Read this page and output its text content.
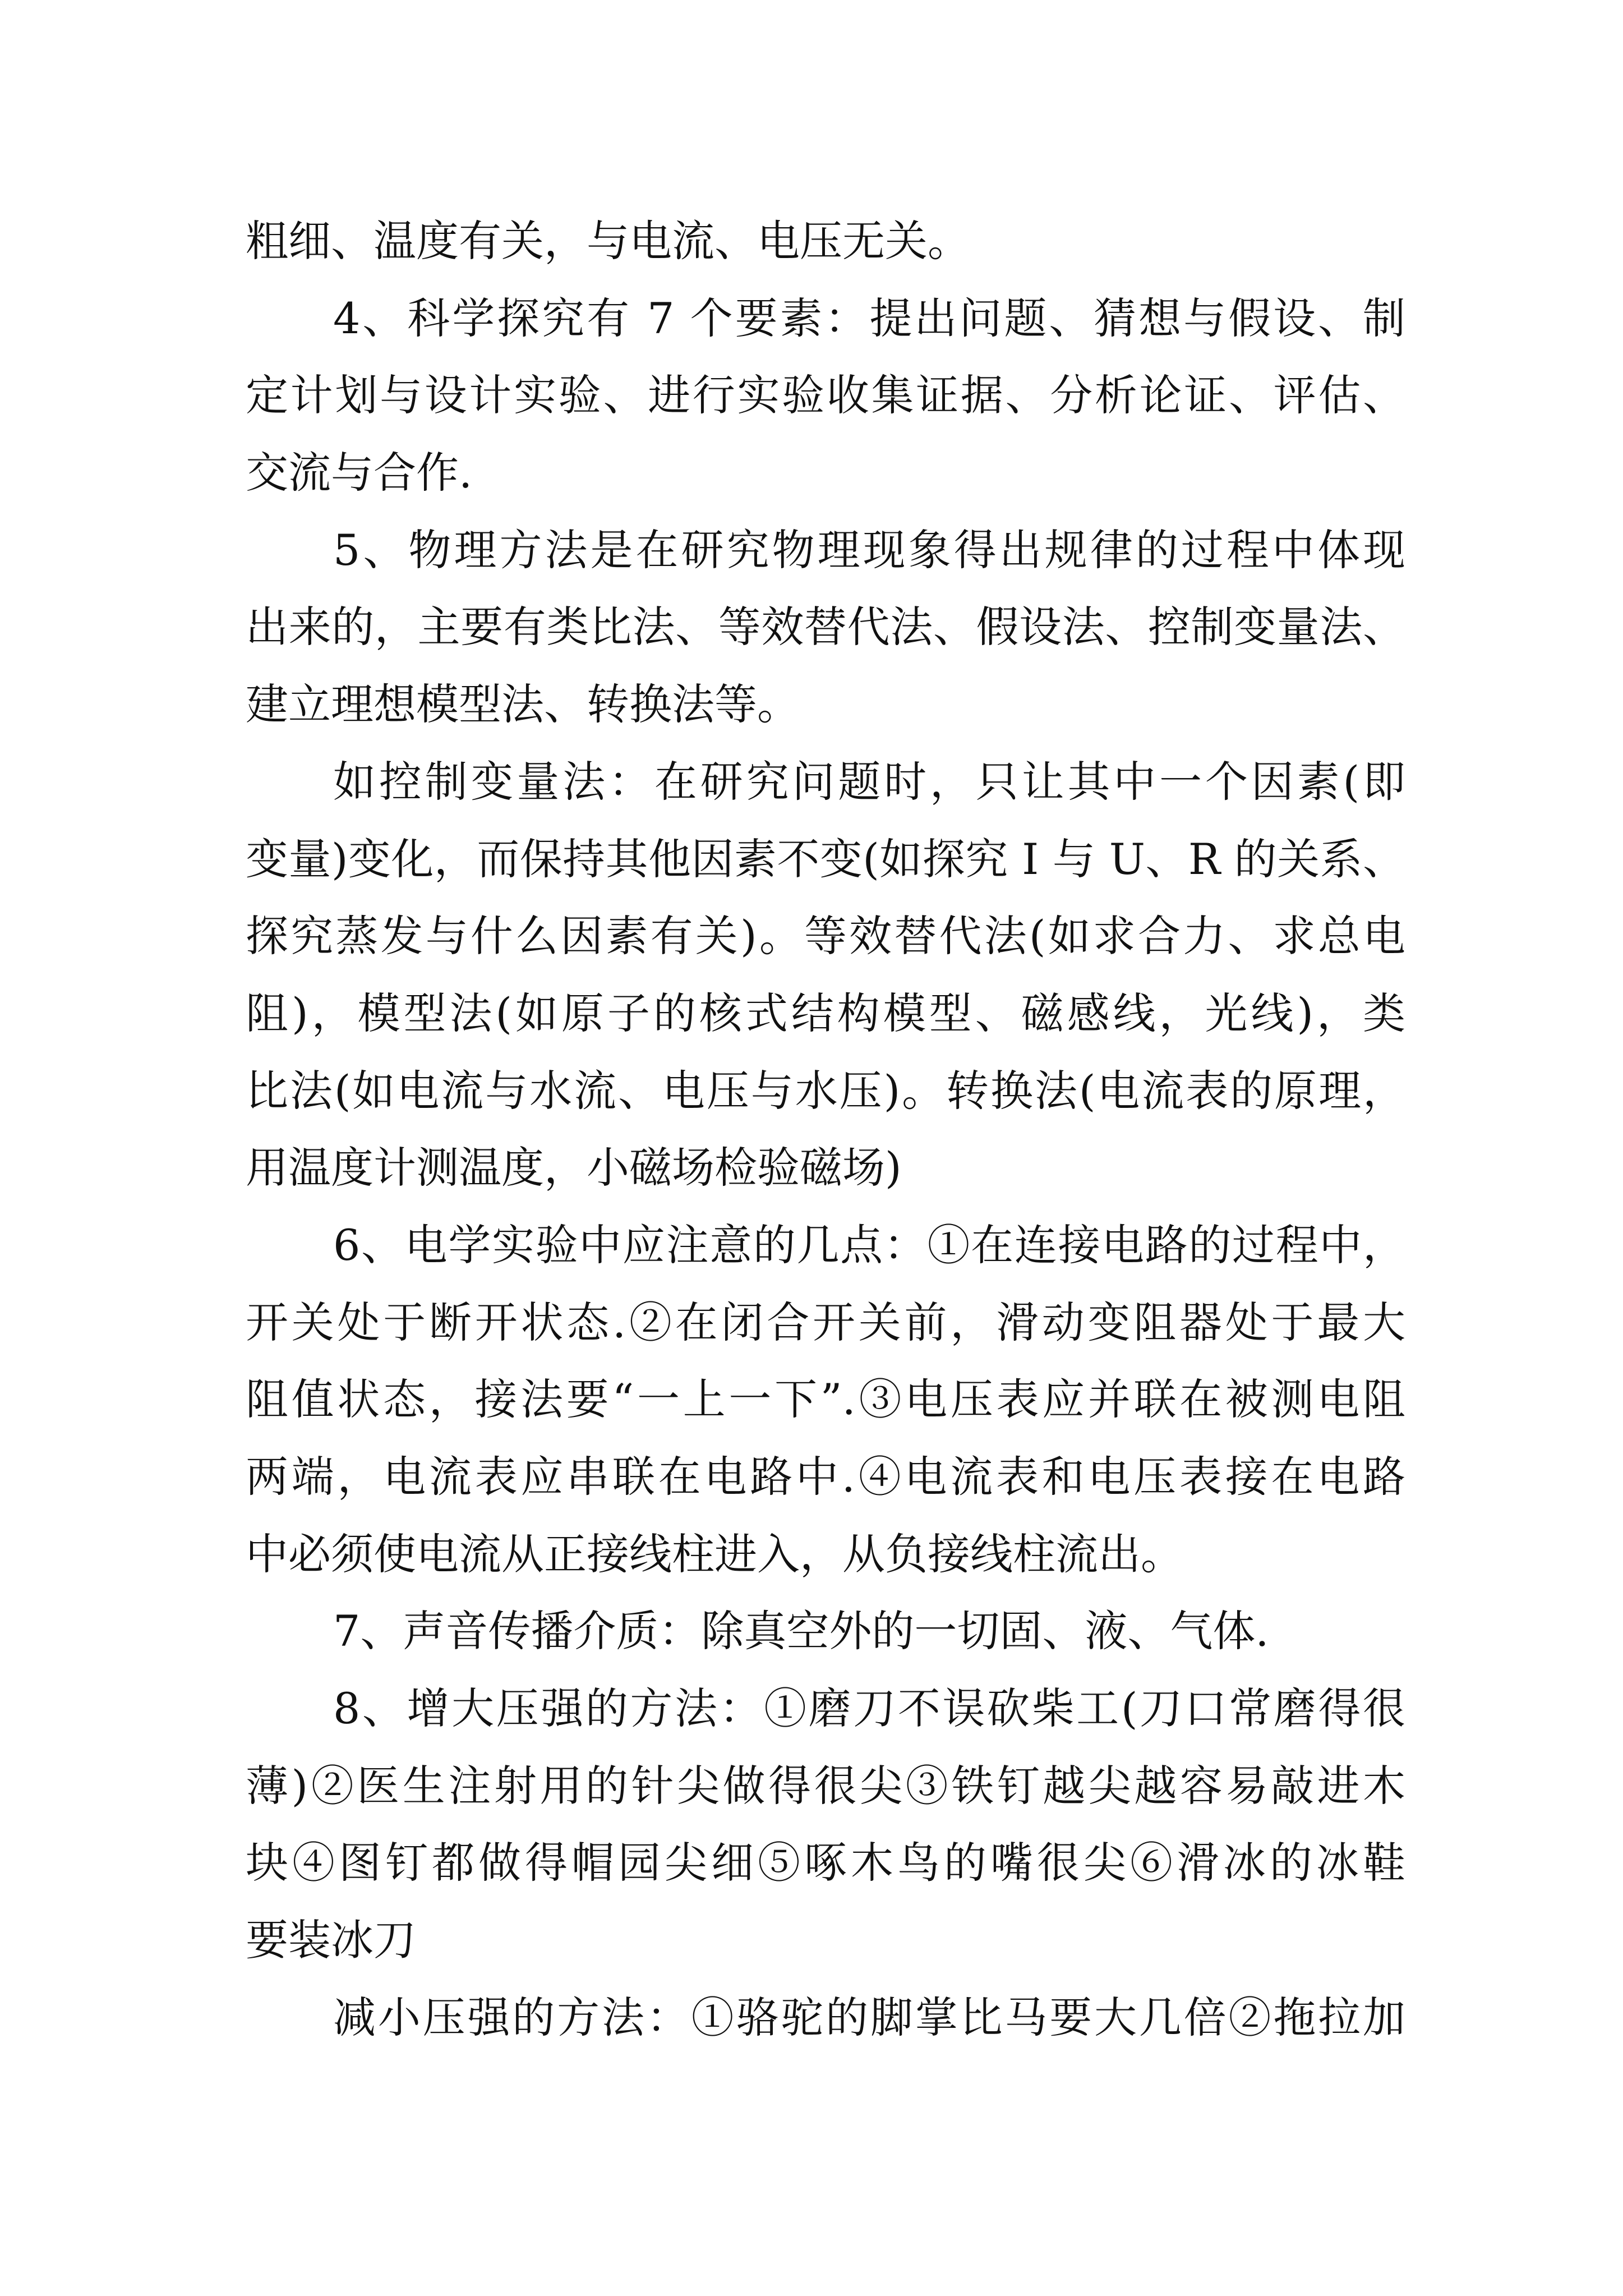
粗细、温度有关，与电流、电压无关。
4、科学探究有 7 个要素：提出问题、猜想与假设、制
定计划与设计实验、进行实验收集证据、分析论证、评估、
交流与合作.
5、物理方法是在研究物理现象得出规律的过程中体现
出来的，主要有类比法、等效替代法、假设法、控制变量法、
建立理想模型法、转换法等。
如控制变量法：在研究问题时，只让其中一个因素(即
变量)变化，而保持其他因素不变(如探究 I 与 U、R 的关系、
探究蒸发与什么因素有关)。等效替代法(如求合力、求总电
阻)，模型法(如原子的核式结构模型、磁感线，光线)，类
比法(如电流与水流、电压与水压)。转换法(电流表的原理，
用温度计测温度，小磁场检验磁场)
6、电学实验中应注意的几点：①在连接电路的过程中，
开关处于断开状态.②在闭合开关前，滑动变阻器处于最大
阻值状态，接法要“一上一下”.③电压表应并联在被测电阻
两端，电流表应串联在电路中.④电流表和电压表接在电路
中必须使电流从正接线柱进入，从负接线柱流出。
7、声音传播介质：除真空外的一切固、液、气体.
8、增大压强的方法：①磨刀不误砍柴工(刀口常磨得很
薄)②医生注射用的针尖做得很尖③铁钉越尖越容易敲进木
块④图钉都做得帽园尖细⑤啄木鸟的嘴很尖⑥滑冰的冰鞋
要装冰刀
减小压强的方法：①骆驼的脚掌比马要大几倍②拖拉加
